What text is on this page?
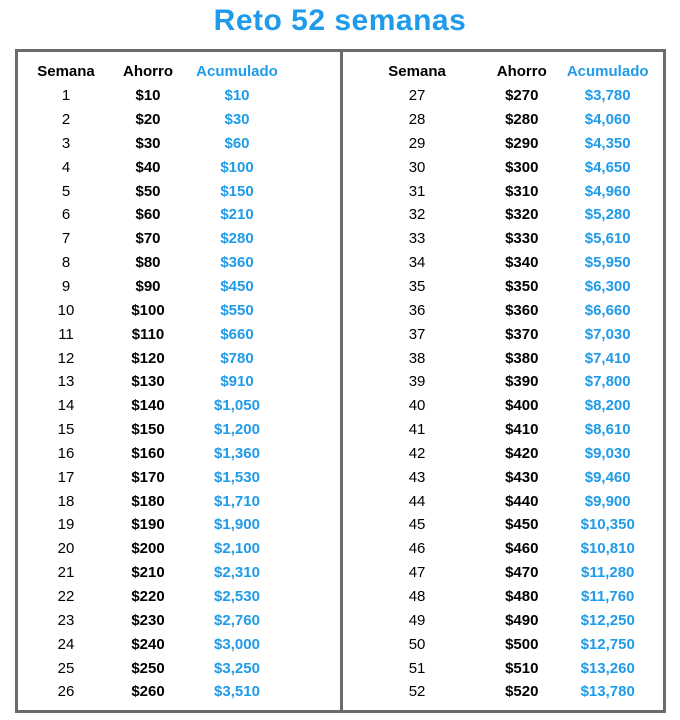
Reto 52 semanas
Semana	Ahorro	Acumulado
1	$10	$10
2	$20	$30
3	$30	$60
4	$40	$100
5	$50	$150
6	$60	$210
7	$70	$280
8	$80	$360
9	$90	$450
10	$100	$550
11	$110	$660
12	$120	$780
13	$130	$910
14	$140	$1,050
15	$150	$1,200
16	$160	$1,360
17	$170	$1,530
18	$180	$1,710
19	$190	$1,900
20	$200	$2,100
21	$210	$2,310
22	$220	$2,530
23	$230	$2,760
24	$240	$3,000
25	$250	$3,250
26	$260	$3,510
Semana	Ahorro	Acumulado
27	$270	$3,780
28	$280	$4,060
29	$290	$4,350
30	$300	$4,650
31	$310	$4,960
32	$320	$5,280
33	$330	$5,610
34	$340	$5,950
35	$350	$6,300
36	$360	$6,660
37	$370	$7,030
38	$380	$7,410
39	$390	$7,800
40	$400	$8,200
41	$410	$8,610
42	$420	$9,030
43	$430	$9,460
44	$440	$9,900
45	$450	$10,350
46	$460	$10,810
47	$470	$11,280
48	$480	$11,760
49	$490	$12,250
50	$500	$12,750
51	$510	$13,260
52	$520	$13,780
